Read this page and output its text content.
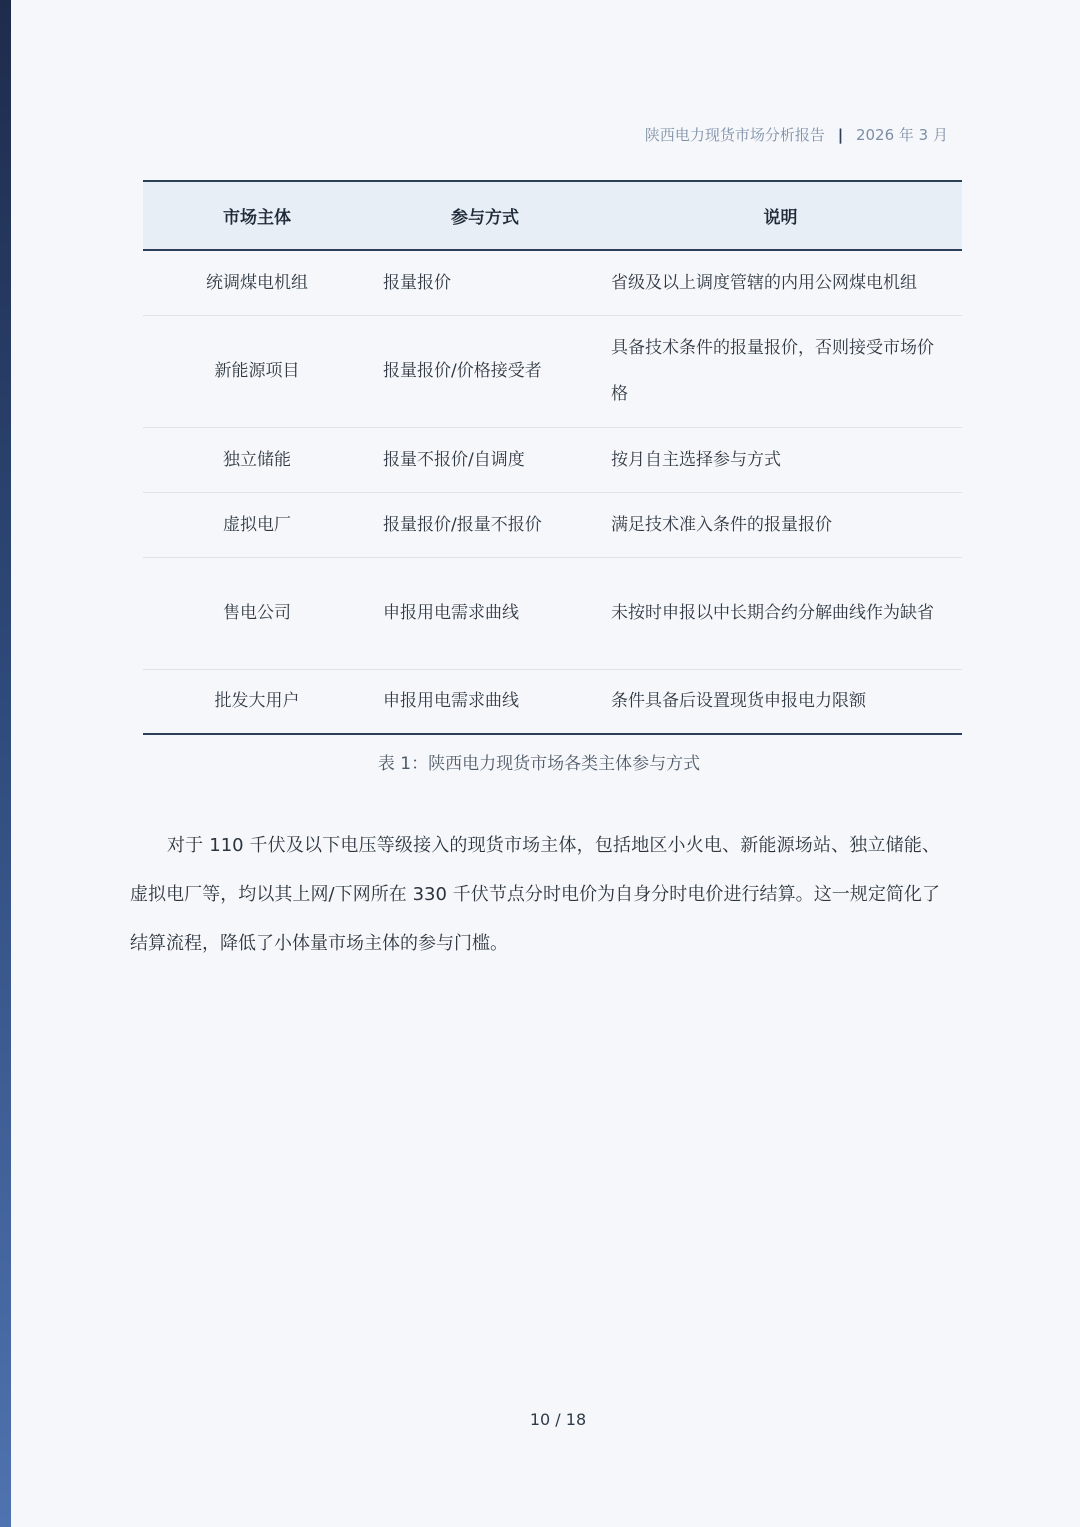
陕西电力现货市场分析报告 | 2026 年 3 月
市场主体	参与方式	说明
统调煤电机组	报量报价	省级及以上调度管辖的内用公网煤电机组
新能源项目	报量报价/价格接受者	具备技术条件的报量报价，否则接受市场价格
独立储能	报量不报价/自调度	按月自主选择参与方式
虚拟电厂	报量报价/报量不报价	满足技术准入条件的报量报价
售电公司	申报用电需求曲线	未按时申报以中长期合约分解曲线作为缺省
批发大用户	申报用电需求曲线	条件具备后设置现货申报电力限额
表 1：陕西电力现货市场各类主体参与方式

对于 110 千伏及以下电压等级接入的现货市场主体，包括地区小火电、新能源场站、独立储能、虚拟电厂等，均以其上网/下网所在 330 千伏节点分时电价为自身分时电价进行结算。这一规定简化了结算流程，降低了小体量市场主体的参与门槛。

10 / 18
